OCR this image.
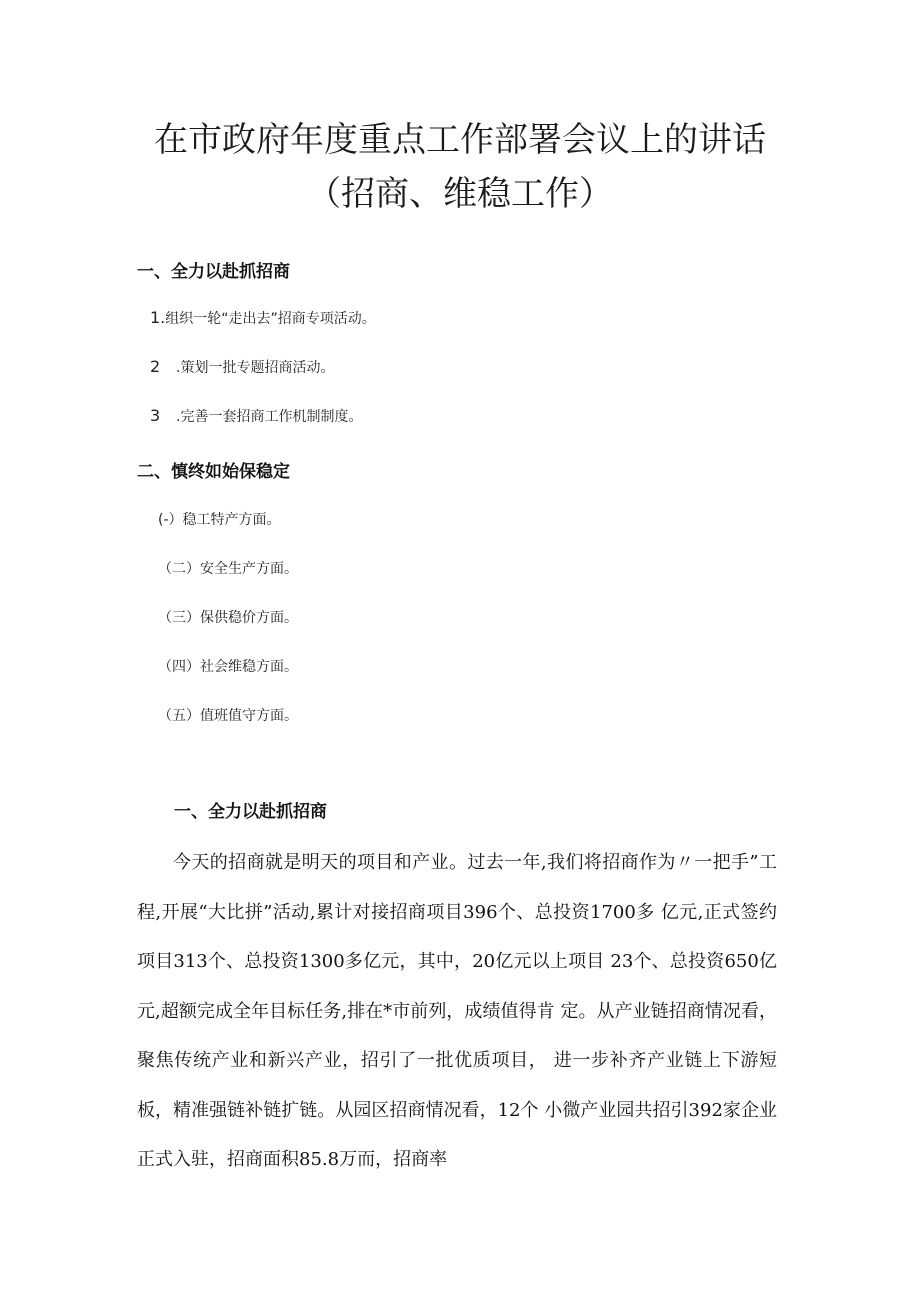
在市政府年度重点工作部署会议上的讲话
（招商、维稳工作）
一、全力以赴抓招商
1.组织一轮“走出去”招商专项活动。
2 .策划一批专题招商活动。
3 .完善一套招商工作机制制度。
二、慎终如始保稳定
(-）稳工特产方面。
（二）安全生产方面。
（三）保供稳价方面。
（四）社会维稳方面。
（五）值班值守方面。
一、全力以赴抓招商

今天的招商就是明天的项目和产业。过去一年,我们将招商作为〃一把手”工程,开展“大比拼”活动,累计对接招商项目396个、总投资1700多 亿元,正式签约项目313个、总投资1300多亿元，其中，20亿元以上项目 23个、总投资650亿元,超额完成全年目标任务,排在*市前列，成绩值得肯 定。从产业链招商情况看，聚焦传统产业和新兴产业，招引了一批优质项目， 进一步补齐产业链上下游短板，精准强链补链扩链。从园区招商情况看，12个 小微产业园共招引392家企业正式入驻，招商面积85.8万而，招商率
